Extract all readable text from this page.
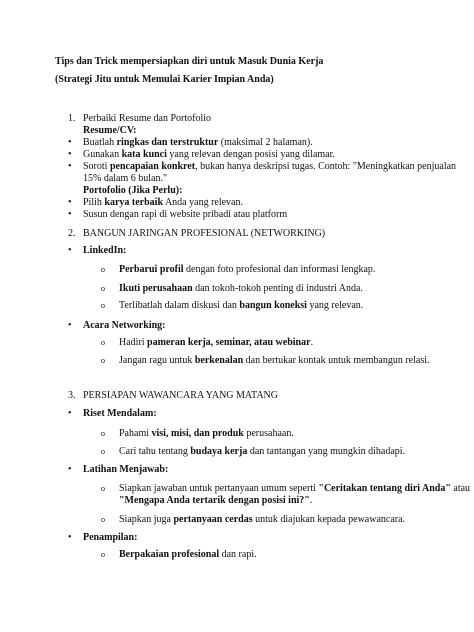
Tips dan Trick mempersiapkan diri untuk Masuk Dunia Kerja
(Strategi Jitu untuk Memulai Karier Impian Anda)
1. Perbaiki Resume dan Portofolio
Resume/CV:
• Buatlah ringkas dan terstruktur (maksimal 2 halaman).
• Gunakan kata kunci yang relevan dengan posisi yang dilamar.
• Soroti pencapaian konkret, bukan hanya deskripsi tugas. Contoh: "Meningkatkan penjualan
15% dalam 6 bulan."
Portofolio (Jika Perlu):
• Pilih karya terbaik Anda yang relevan.
• Susun dengan rapi di website pribadi atau platform
2. BANGUN JARINGAN PROFESIONAL (NETWORKING)
• LinkedIn:
o Perbarui profil dengan foto profesional dan informasi lengkap.
o Ikuti perusahaan dan tokoh-tokoh penting di industri Anda.
o Terlibatlah dalam diskusi dan bangun koneksi yang relevan.
• Acara Networking:
o Hadiri pameran kerja, seminar, atau webinar.
o Jangan ragu untuk berkenalan dan bertukar kontak untuk membangun relasi.
3. PERSIAPAN WAWANCARA YANG MATANG
• Riset Mendalam:
o Pahami visi, misi, dan produk perusahaan.
o Cari tahu tentang budaya kerja dan tantangan yang mungkin dihadapi.
• Latihan Menjawab:
o Siapkan jawaban untuk pertanyaan umum seperti "Ceritakan tentang diri Anda" atau
"Mengapa Anda tertarik dengan posisi ini?".
o Siapkan juga pertanyaan cerdas untuk diajukan kepada pewawancara.
• Penampilan:
o Berpakaian profesional dan rapi.
